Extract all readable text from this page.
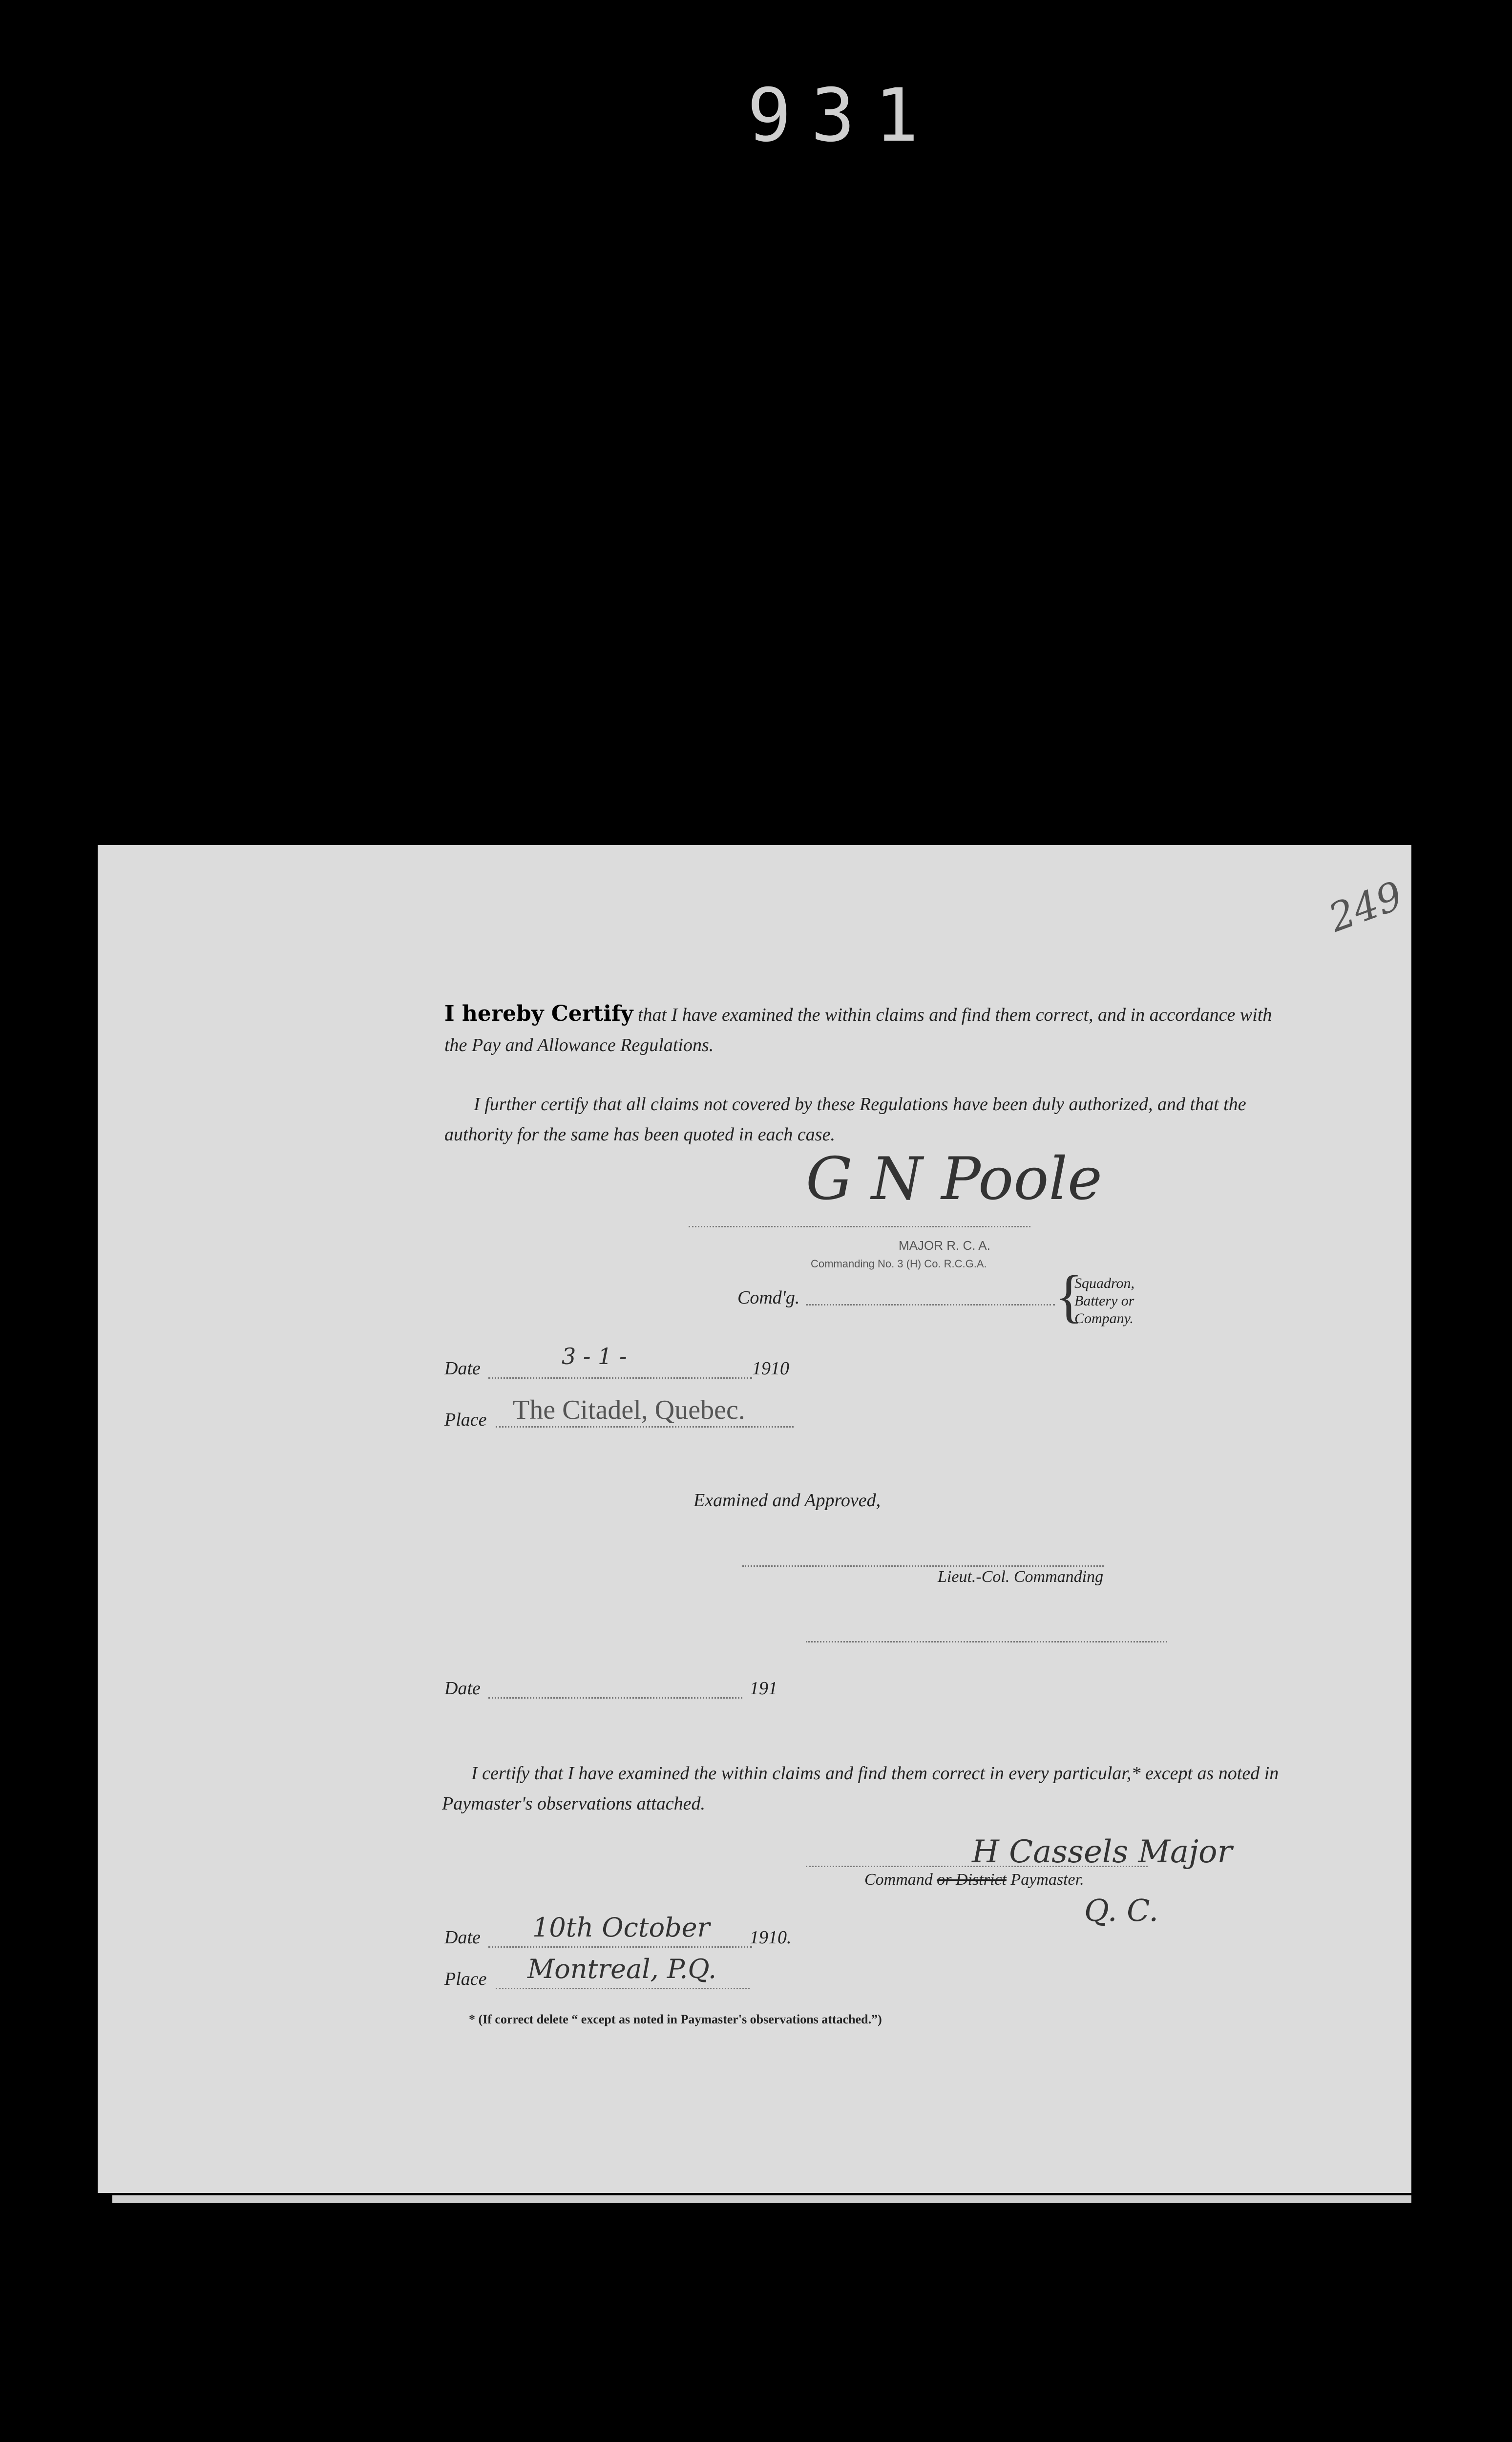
931
249
I hereby Certify that I have examined the within claims and find them correct, and in accordance with the Pay and Allowance Regulations.
I further certify that all claims not covered by these Regulations have been duly authorized, and that the authority for the same has been quoted in each case.
G N Poole
MAJOR R. C. A.
Commanding No. 3 (H) Co. R.C.G.A.
Comd'g.	{
Squadron, Battery or Company.
Date	3 - 1 -	1910
Place The Citadel, Quebec.
Examined and Approved,
Lieut.-Col. Commanding
Date	191
I certify that I have examined the within claims and find them correct in every particular,* except as noted in Paymaster's observations attached.
H Cassels Major
Command or District Paymaster.
Q. C.
Date 10th October 1910.
Place Montreal, P.Q.
* (If correct delete “ except as noted in Paymaster's observations attached.”)
